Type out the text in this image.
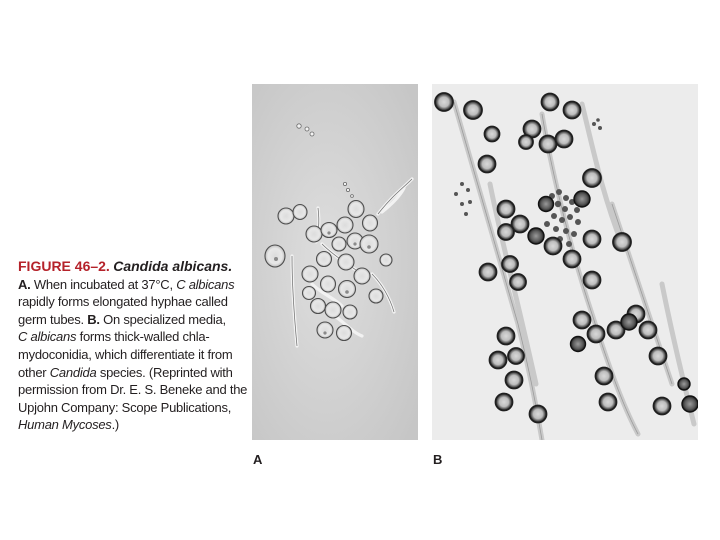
FIGURE 46–2. Candida albicans.
A. When incubated at 37°C, C albicans
rapidly forms elongated hyphae called
germ tubes. B. On specialized media,
C albicans forms thick-walled chla-
mydoconidia, which differentiate it from
other Candida species. (Reprinted with
permission from Dr. E. S. Beneke and the
Upjohn Company: Scope Publications,
Human Mycoses.)
A	B
